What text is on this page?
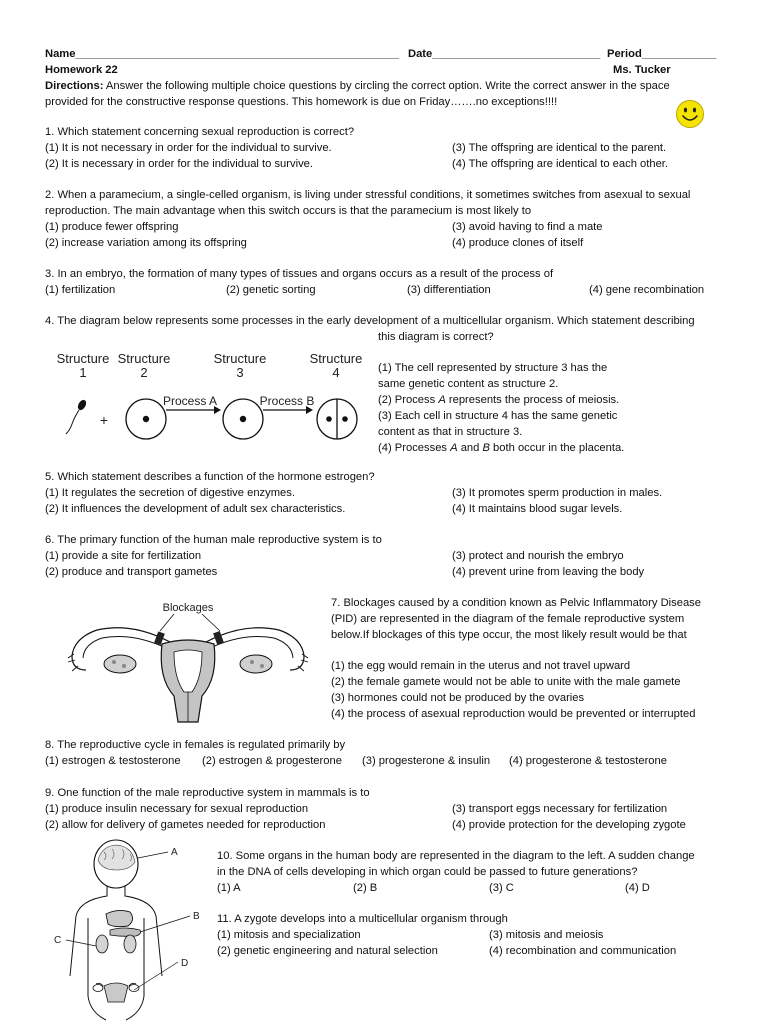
Name____________________________________________________ Date___________________________ Period____________
Homework 22	Ms. Tucker
Directions: Answer the following multiple choice questions by circling the correct option. Write the correct answer in the space
provided for the constructive response questions. This homework is due on Friday…….no exceptions!!!!
1. Which statement concerning sexual reproduction is correct?
(1) It is not necessary in order for the individual to survive.
(2) It is necessary in order for the individual to survive.
(3) The offspring are identical to the parent.
(4) The offspring are identical to each other.
2. When a paramecium, a single-celled organism, is living under stressful conditions, it sometimes switches from asexual to sexual
reproduction. The main advantage when this switch occurs is that the paramecium is most likely to
(1) produce fewer offspring
(2) increase variation among its offspring
(3) avoid having to find a mate
(4) produce clones of itself
3. In an embryo, the formation of many types of tissues and organs occurs as a result of the process of
(1) fertilization	(2) genetic sorting	(3) differentiation	(4) gene recombination
4. The diagram below represents some processes in the early development of a multicellular organism. Which statement describing
this diagram is correct?
Structure
1
Structure
2
Structure
3
Structure
4
+
Process A	Process B
(1) The cell represented by structure 3 has the
same genetic content as structure 2.
(2) Process A represents the process of meiosis.
(3) Each cell in structure 4 has the same genetic
content as that in structure 3.
(4) Processes A and B both occur in the placenta.
5. Which statement describes a function of the hormone estrogen?
(1) It regulates the secretion of digestive enzymes.
(2) It influences the development of adult sex characteristics.
(3) It promotes sperm production in males.
(4) It maintains blood sugar levels.
6. The primary function of the human male reproductive system is to
(1) provide a site for fertilization
(2) produce and transport gametes
(3) protect and nourish the embryo
(4) prevent urine from leaving the body
Blockages	7. Blockages caused by a condition known as Pelvic Inflammatory Disease
(PID) are represented in the diagram of the female reproductive system
below.If blockages of this type occur, the most likely result would be that
(1) the egg would remain in the uterus and not travel upward
(2) the female gamete would not be able to unite with the male gamete
(3) hormones could not be produced by the ovaries
(4) the process of asexual reproduction would be prevented or interrupted
8. The reproductive cycle in females is regulated primarily by
(1) estrogen & testosterone (2) estrogen & progesterone (3) progesterone & insulin (4) progesterone & testosterone
9. One function of the male reproductive system in mammals is to
(1) produce insulin necessary for sexual reproduction
(2) allow for delivery of gametes needed for reproduction
(3) transport eggs necessary for fertilization
(4) provide protection for the developing zygote
A
B
C
D
10. Some organs in the human body are represented in the diagram to the left. A sudden change
in the DNA of cells developing in which organ could be passed to future generations?
(1) A	(2) B	(3) C	(4) D
11. A zygote develops into a multicellular organism through
(1) mitosis and specialization
(2) genetic engineering and natural selection
(3) mitosis and meiosis
(4) recombination and communication
